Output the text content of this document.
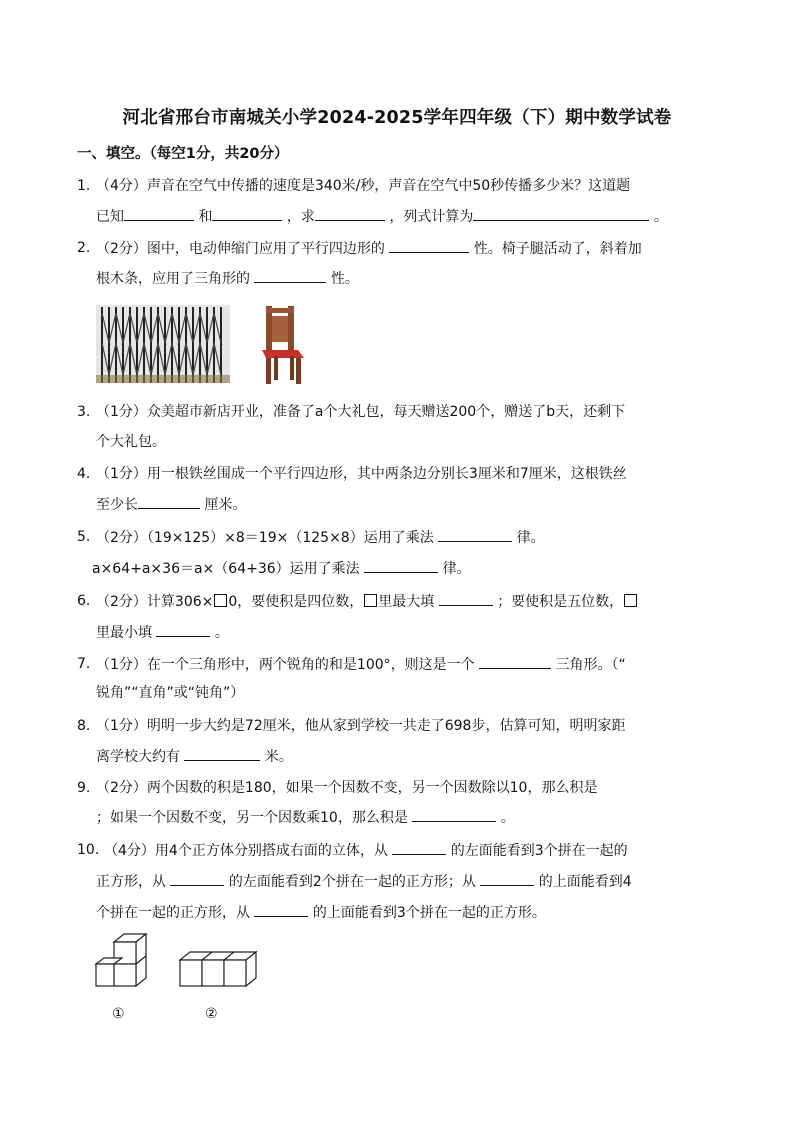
河北省邢台市南城关小学2024-2025学年四年级（下）期中数学试卷
一、填空。（每空1分，共20分）
1. （4分）声音在空气中传播的速度是340米/秒，声音在空气中50秒传播多少米？这道题
已知	和	，求	，列式计算为	。
2. （2分）图中，电动伸缩门应用了平行四边形的	性。椅子腿活动了，斜着加
根木条，应用了三角形的	性。
3. （1分）众美超市新店开业，准备了a个大礼包，每天赠送200个，赠送了b天，还剩下
个大礼包。
4. （1分）用一根铁丝围成一个平行四边形，其中两条边分别长3厘米和7厘米，这根铁丝
至少长	厘米。
5. （2分）（19×125）×8＝19×（125×8）运用了乘法	律。
a×64+a×36＝a×（64+36）运用了乘法	律。
6. （2分）计算306× 0，要使积是四位数， 里最大填	；要使积是五位数，
里最小填	。
7. （1分）在一个三角形中，两个锐角的和是100°，则这是一个	三角形。（“
锐角”“直角”或“钝角”）
8. （1分）明明一步大约是72厘米，他从家到学校一共走了698步，估算可知，明明家距
离学校大约有	米。
9. （2分）两个因数的积是180，如果一个因数不变，另一个因数除以10，那么积是
；如果一个因数不变，另一个因数乘10，那么积是	。
10. （4分）用4个正方体分别搭成右面的立体，从	的左面能看到3个拼在一起的
正方形，从	的左面能看到2个拼在一起的正方形；从	的上面能看到4
个拼在一起的正方形，从	的上面能看到3个拼在一起的正方形。
①	②
